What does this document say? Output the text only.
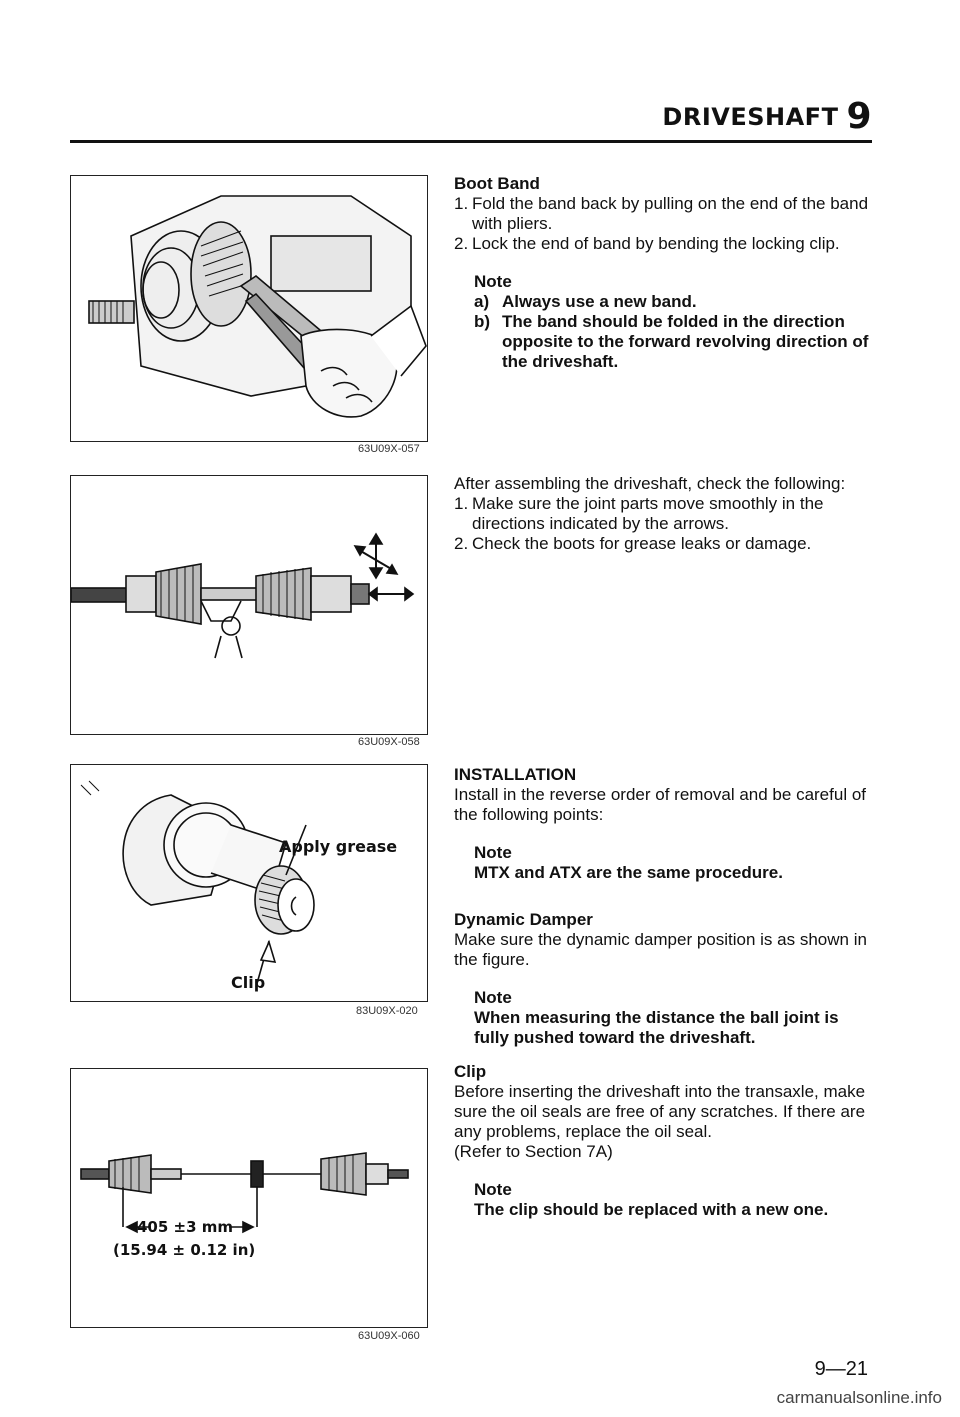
DRIVESHAFT 9
63U09X-057
63U09X-058
Apply grease
Clip
83U09X-020
405 ±3 mm
(15.94 ± 0.12 in)
63U09X-060

Boot Band

1. Fold the band back by pulling on the end of the band with pliers.
2. Lock the end of band by bending the locking clip.

Note

a) Always use a new band.
b) The band should be folded in the direction opposite to the forward revolving direction of the driveshaft.

After assembling the driveshaft, check the following:

1. Make sure the joint parts move smoothly in the directions indicated by the arrows.
2. Check the boots for grease leaks or damage.

INSTALLATION

Install in the reverse order of removal and be careful of the following points:

Note

MTX and ATX are the same procedure.

Dynamic Damper

Make sure the dynamic damper position is as shown in the figure.

Note

When measuring the distance the ball joint is fully pushed toward the driveshaft.

Clip

Before inserting the driveshaft into the transaxle, make sure the oil seals are free of any scratches. If there are any problems, replace the oil seal.

(Refer to Section 7A)

Note

The clip should be replaced with a new one.

9—21
carmanualsonline.info
